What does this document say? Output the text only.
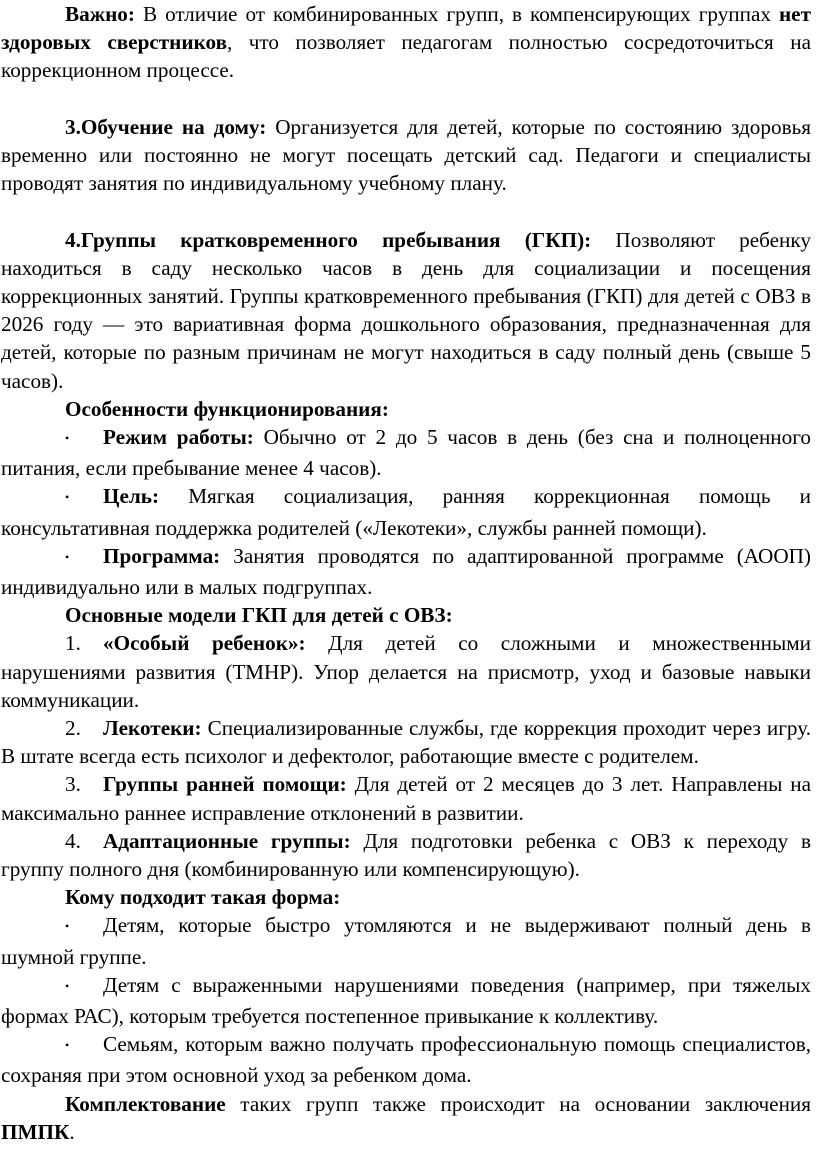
Важно: В отличие от комбинированных групп, в компенсирующих группах нет здоровых сверстников, что позволяет педагогам полностью сосредоточиться на коррекционном процессе.

3.Обучение на дому: Организуется для детей, которые по состоянию здоровья временно или постоянно не могут посещать детский сад. Педагоги и специалисты проводят занятия по индивидуальному учебному плану.

4.Группы кратковременного пребывания (ГКП): Позволяют ребенку находиться в саду несколько часов в день для социализации и посещения коррекционных занятий. Группы кратковременного пребывания (ГКП) для детей с ОВЗ в 2026 году — это вариативная форма дошкольного образования, предназначенная для детей, которые по разным причинам не могут находиться в саду полный день (свыше 5 часов).

Особенности функционирования:

• Режим работы: Обычно от 2 до 5 часов в день (без сна и полноценного питания, если пребывание менее 4 часов).

• Цель: Мягкая социализация, ранняя коррекционная помощь и консультативная поддержка родителей («Лекотеки», службы ранней помощи).

• Программа: Занятия проводятся по адаптированной программе (АООП) индивидуально или в малых подгруппах.

Основные модели ГКП для детей с ОВЗ:

1. «Особый ребенок»: Для детей со сложными и множественными нарушениями развития (ТМНР). Упор делается на присмотр, уход и базовые навыки коммуникации.

2. Лекотеки: Специализированные службы, где коррекция проходит через игру. В штате всегда есть психолог и дефектолог, работающие вместе с родителем.

3. Группы ранней помощи: Для детей от 2 месяцев до 3 лет. Направлены на максимально раннее исправление отклонений в развитии.

4. Адаптационные группы: Для подготовки ребенка с ОВЗ к переходу в группу полного дня (комбинированную или компенсирующую).

Кому подходит такая форма:

• Детям, которые быстро утомляются и не выдерживают полный день в шумной группе.

• Детям с выраженными нарушениями поведения (например, при тяжелых формах РАС), которым требуется постепенное привыкание к коллективу.

• Семьям, которым важно получать профессиональную помощь специалистов, сохраняя при этом основной уход за ребенком дома.

Комплектование таких групп также происходит на основании заключения ПМПК.
